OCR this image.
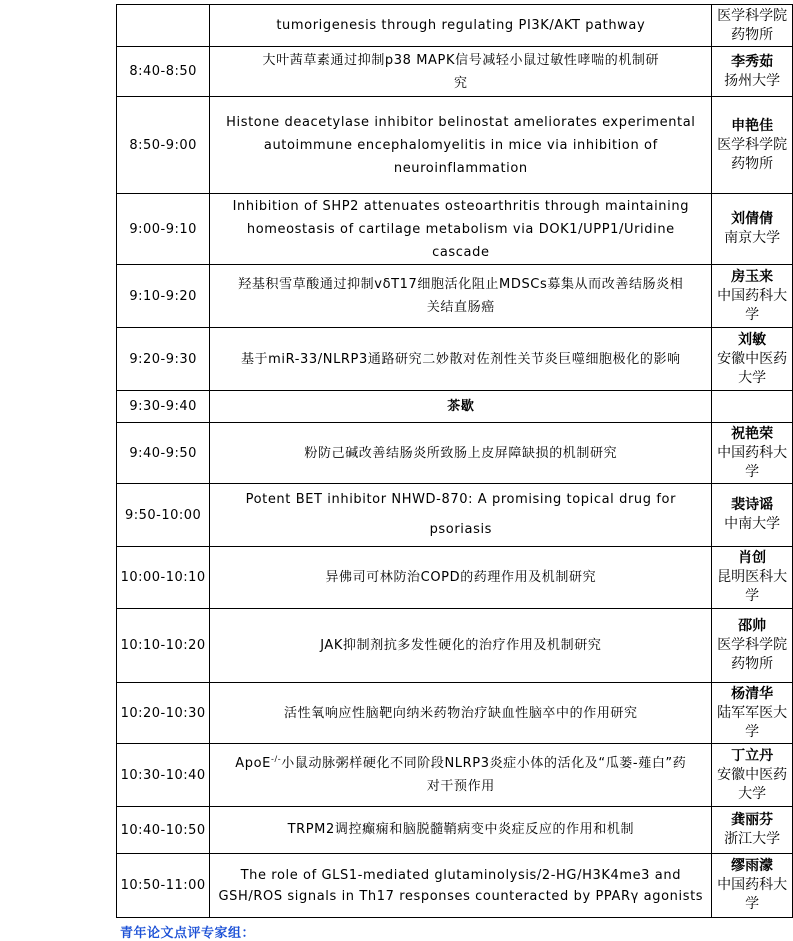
	tumorigenesis through regulating PI3K/AKT pathway	医学科学院药物所

8:40-8:50	大叶茜草素通过抑制p38 MAPK信号减轻小鼠过敏性哮喘的机制研究	李秀茹
扬州大学

8:50-9:00	Histone deacetylase inhibitor belinostat ameliorates experimental autoimmune encephalomyelitis in mice via inhibition of neuroinflammation	申艳佳
医学科学院药物所

9:00-9:10	Inhibition of SHP2 attenuates osteoarthritis through maintaining homeostasis of cartilage metabolism via DOK1/UPP1/Uridine cascade	刘倩倩
南京大学

9:10-9:20	羟基积雪草酸通过抑制vδT17细胞活化阻止MDSCs募集从而改善结肠炎相关结直肠癌	房玉来
中国药科大学

9:20-9:30	基于miR-33/NLRP3通路研究二妙散对佐剂性关节炎巨噬细胞极化的影响	刘敏
安徽中医药大学

9:30-9:40	茶歇	
9:40-9:50	粉防己碱改善结肠炎所致肠上皮屏障缺损的机制研究	祝艳荣
中国药科大学

9:50-10:00	Potent BET inhibitor NHWD-870: A promising topical drug for psoriasis	裴诗谣
中南大学

10:00-10:10	异佛司可林防治COPD的药理作用及机制研究	肖创
昆明医科大学

10:10-10:20	JAK抑制剂抗多发性硬化的治疗作用及机制研究	邵帅
医学科学院药物所

10:20-10:30	活性氧响应性脑靶向纳米药物治疗缺血性脑卒中的作用研究	杨清华
陆军军医大学

10:30-10:40	ApoE-/-小鼠动脉粥样硬化不同阶段NLRP3炎症小体的活化及“瓜蒌-薤白”药对干预作用	丁立丹
安徽中医药大学

10:40-10:50	TRPM2调控癫痫和脑脱髓鞘病变中炎症反应的作用和机制	龚丽芬
浙江大学

10:50-11:00	The role of GLS1-mediated glutaminolysis/2-HG/H3K4me3 and GSH/ROS signals in Th17 responses counteracted by PPARγ agonists	缪雨濛
中国药科大学
青年论文点评专家组：
